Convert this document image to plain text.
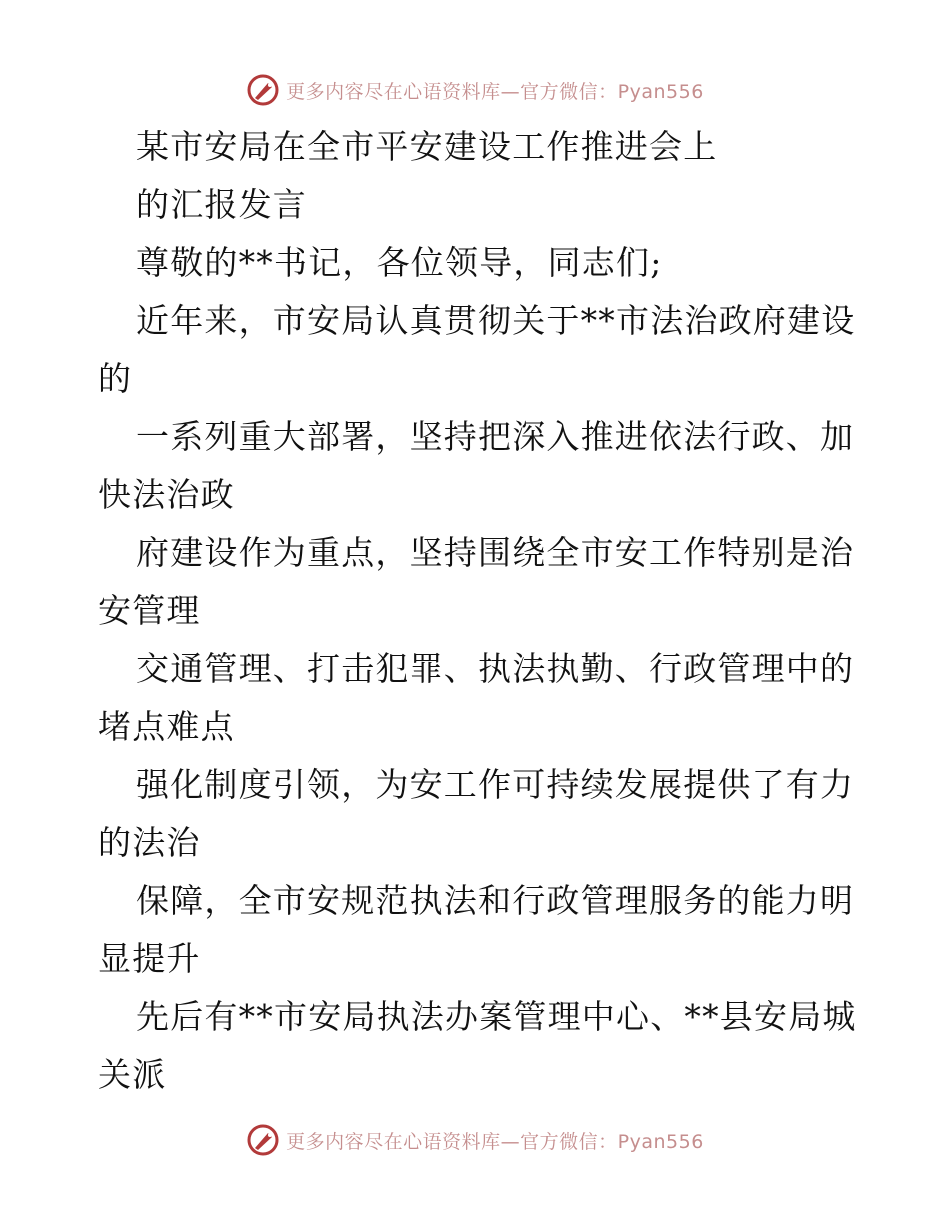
更多内容尽在心语资料库—官方微信：Pyan556
某市安局在全市平安建设工作推进会上
的汇报发言
尊敬的**书记，各位领导，同志们;
近年来，市安局认真贯彻关于**市法治政府建设
的
一系列重大部署，坚持把深入推进依法行政、加
快法治政
府建设作为重点，坚持围绕全市安工作特别是治
安管理
交通管理、打击犯罪、执法执勤、行政管理中的
堵点难点
强化制度引领，为安工作可持续发展提供了有力
的法治
保障，全市安规范执法和行政管理服务的能力明
显提升
先后有**市安局执法办案管理中心、**县安局城
关派
更多内容尽在心语资料库—官方微信：Pyan556
